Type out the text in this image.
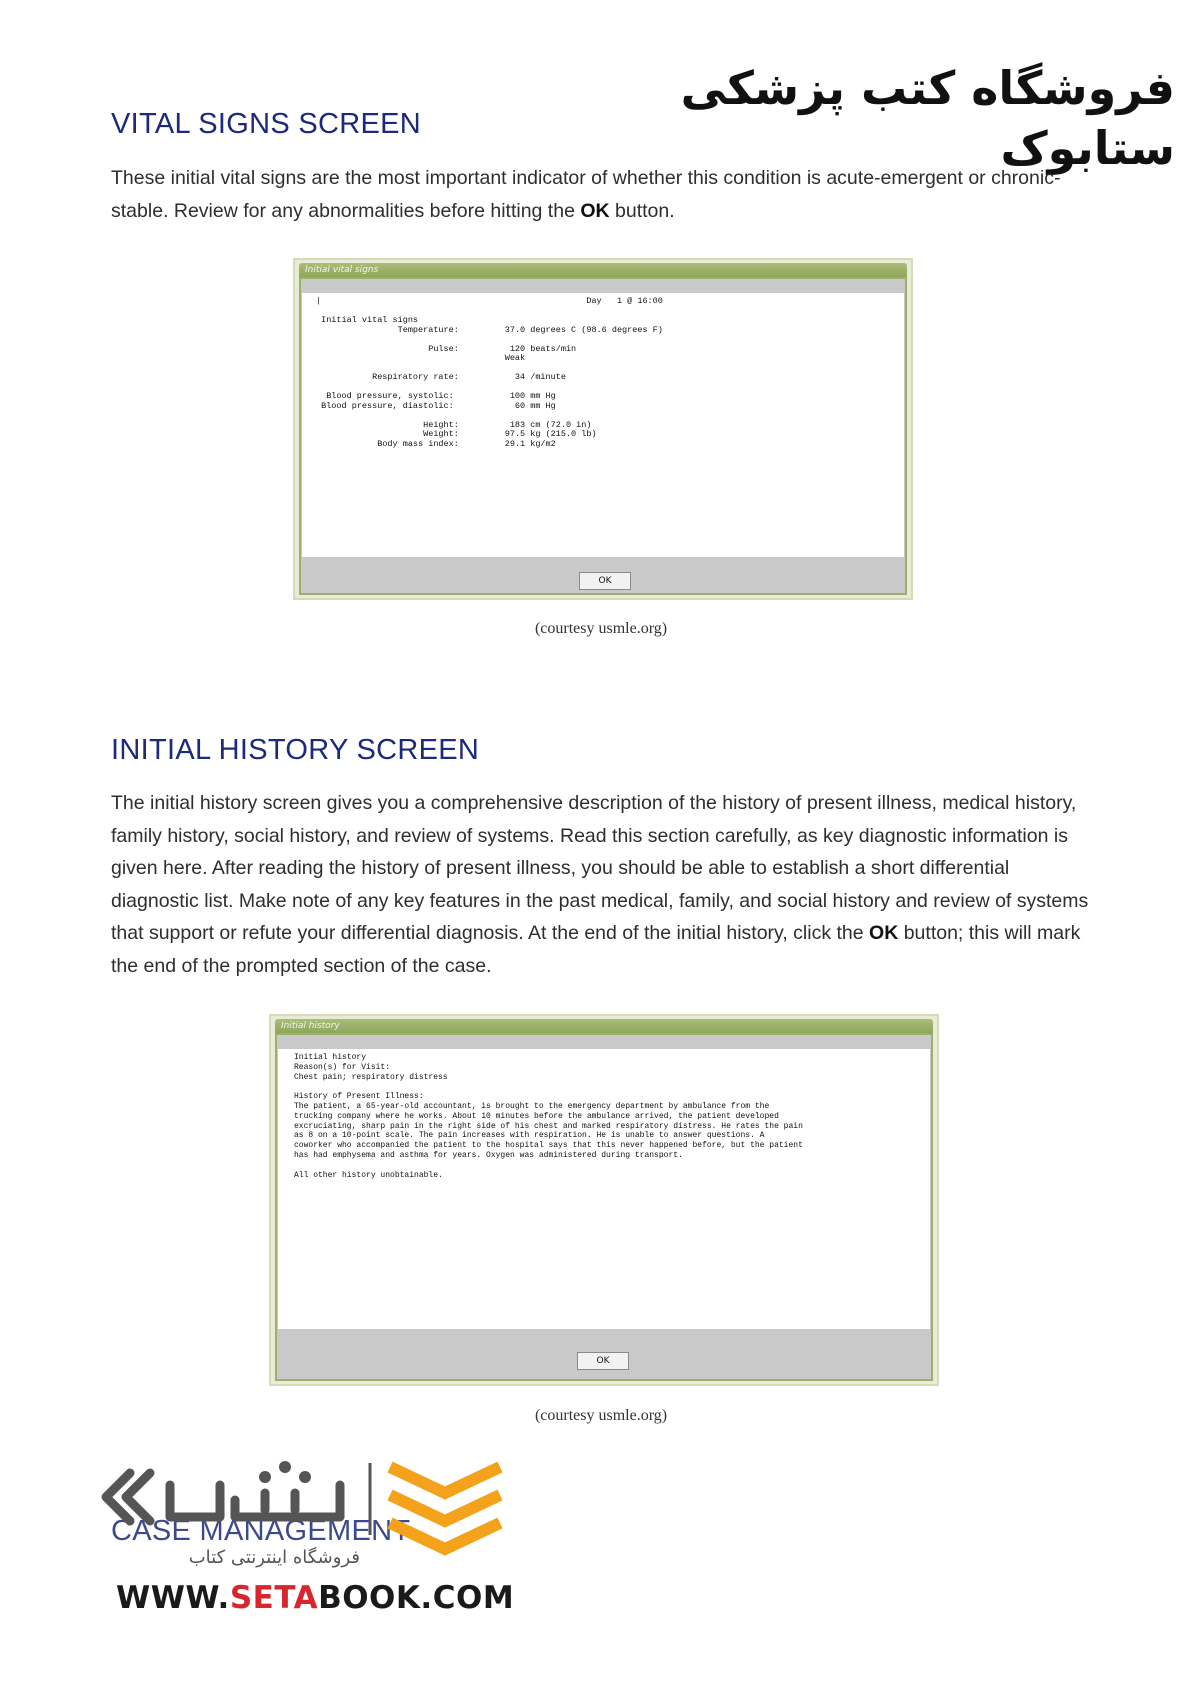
فروشگاه کتب پزشکی ستابوک
VITAL SIGNS SCREEN

These initial vital signs are the most important indicator of whether this condition is acute-emergent or chronic-stable. Review for any abnormalities before hitting the OK button.

Initial vital signs
|                                                    Day   1 @ 16:00

Initial vital signs
Temperature:         37.0 degrees C (98.6 degrees F)

Pulse:          120 beats/min
Weak

Respiratory rate:           34 /minute

Blood pressure, systolic:           100 mm Hg
Blood pressure, diastolic:            60 mm Hg

Height:          183 cm (72.0 in)
Weight:         97.5 kg (215.0 lb)
Body mass index:         29.1 kg/m2
OK
(courtesy usmle.org)
INITIAL HISTORY SCREEN

The initial history screen gives you a comprehensive description of the history of present illness, medical history, family history, social history, and review of systems. Read this section carefully, as key diagnostic information is given here. After reading the history of present illness, you should be able to establish a short differential diagnostic list. Make note of any key features in the past medical, family, and social history and review of systems that support or refute your differential diagnosis. At the end of the initial history, click the OK button; this will mark the end of the prompted section of the case.

Initial history
Initial history
Reason(s) for Visit:
Chest pain; respiratory distress

History of Present Illness:
The patient, a 65-year-old accountant, is brought to the emergency department by ambulance from the
trucking company where he works. About 10 minutes before the ambulance arrived, the patient developed
excruciating, sharp pain in the right side of his chest and marked respiratory distress. He rates the pain
as 8 on a 10-point scale. The pain increases with respiration. He is unable to answer questions. A
coworker who accompanied the patient to the hospital says that this never happened before, but the patient
has had emphysema and asthma for years. Oxygen was administered during transport.

All other history unobtainable.
OK
(courtesy usmle.org)
CASE MANAGEMENT
فروشگاه اینترنتی کتاب
WWW.SETABOOK.COM
